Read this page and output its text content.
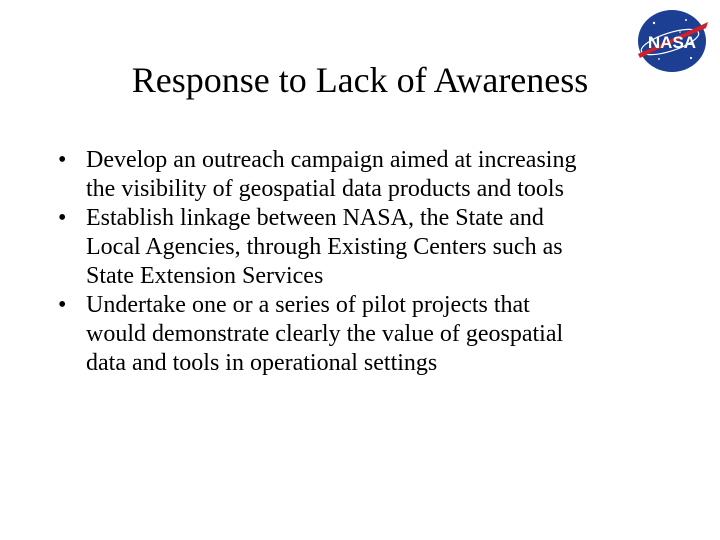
NASA
Response to Lack of Awareness
• Develop an outreach campaign aimed at increasing
the visibility of geospatial data products and tools
• Establish linkage between NASA, the State and
Local Agencies, through Existing Centers such as
State Extension Services
• Undertake one or a series of pilot projects that
would demonstrate clearly the value of geospatial
data and tools in operational settings
